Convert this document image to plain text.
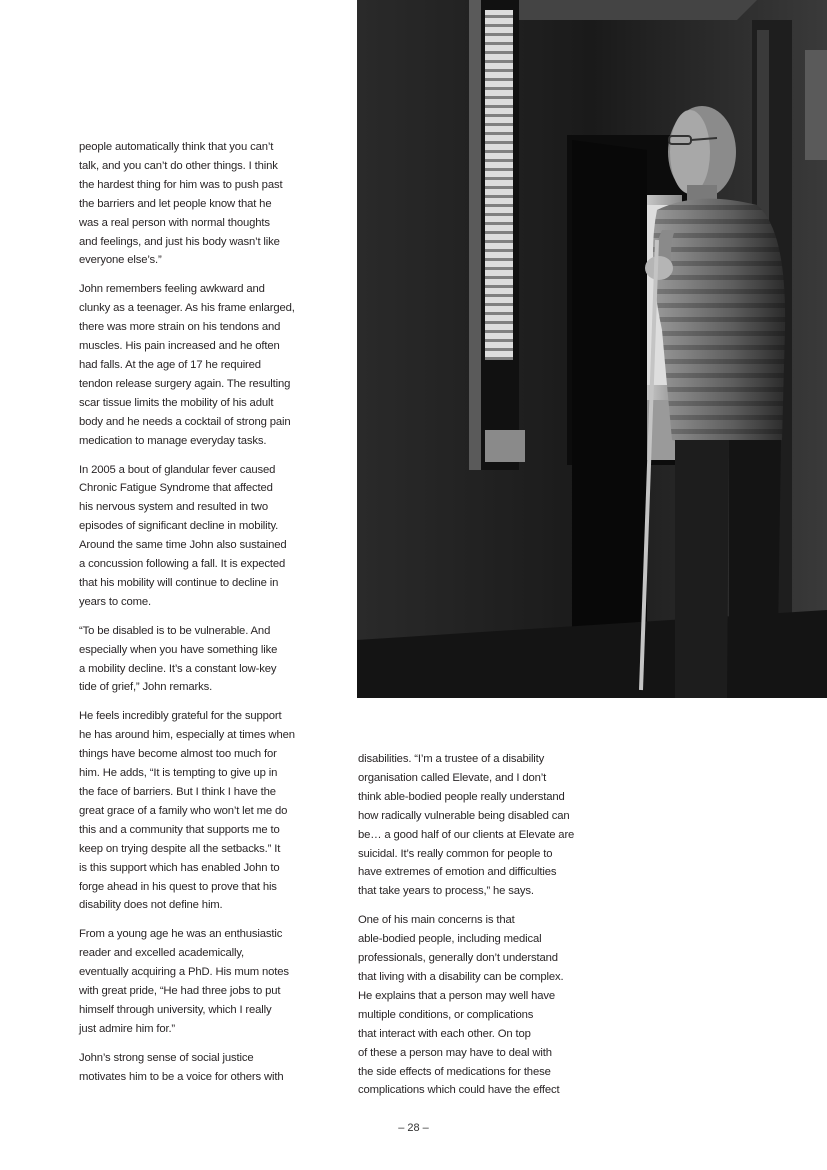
people automatically think that you can’t
talk, and you can’t do other things. I think
the hardest thing for him was to push past
the barriers and let people know that he
was a real person with normal thoughts
and feelings, and just his body wasn’t like
everyone else’s.”

John remembers feeling awkward and
clunky as a teenager. As his frame enlarged,
there was more strain on his tendons and
muscles. His pain increased and he often
had falls. At the age of 17 he required
tendon release surgery again. The resulting
scar tissue limits the mobility of his adult
body and he needs a cocktail of strong pain
medication to manage everyday tasks.

In 2005 a bout of glandular fever caused
Chronic Fatigue Syndrome that affected
his nervous system and resulted in two
episodes of significant decline in mobility.
Around the same time John also sustained
a concussion following a fall. It is expected
that his mobility will continue to decline in
years to come.

“To be disabled is to be vulnerable. And
especially when you have something like
a mobility decline. It’s a constant low-key
tide of grief,” John remarks.

He feels incredibly grateful for the support
he has around him, especially at times when
things have become almost too much for
him. He adds, “It is tempting to give up in
the face of barriers. But I think I have the
great grace of a family who won’t let me do
this and a community that supports me to
keep on trying despite all the setbacks.” It
is this support which has enabled John to
forge ahead in his quest to prove that his
disability does not define him.

From a young age he was an enthusiastic
reader and excelled academically,
eventually acquiring a PhD. His mum notes
with great pride, “He had three jobs to put
himself through university, which I really
just admire him for.”

John’s strong sense of social justice
motivates him to be a voice for others with

disabilities. “I’m a trustee of a disability
organisation called Elevate, and I don’t
think able-bodied people really understand
how radically vulnerable being disabled can
be… a good half of our clients at Elevate are
suicidal. It’s really common for people to
have extremes of emotion and difficulties
that take years to process,” he says.

One of his main concerns is that
able-bodied people, including medical
professionals, generally don’t understand
that living with a disability can be complex.
He explains that a person may well have
multiple conditions, or complications
that interact with each other. On top
of these a person may have to deal with
the side effects of medications for these
complications which could have the effect

– 28 –
